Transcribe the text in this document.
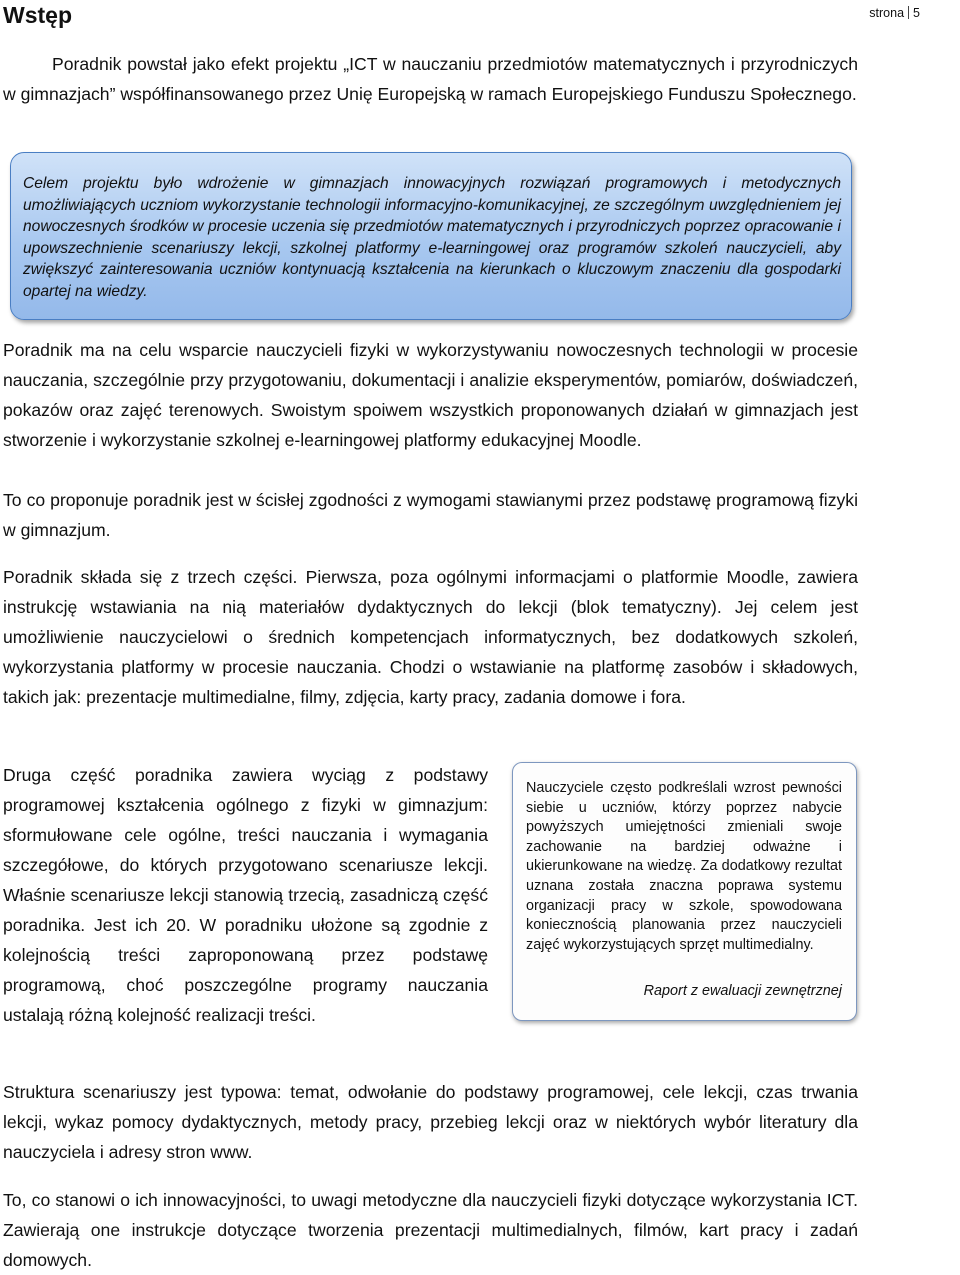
Wstęp	strona 5

Poradnik powstał jako efekt projektu „ICT w nauczaniu przedmiotów matematycznych i przyrodniczych w gimnazjach” współfinansowanego przez Unię Europejską w ramach Europejskiego Funduszu Społecznego.

Celem projektu było wdrożenie w gimnazjach innowacyjnych rozwiązań programowych i metodycznych umożliwiających uczniom wykorzystanie technologii informacyjno-komunikacyjnej, ze szczególnym uwzględnieniem jej nowoczesnych środków w procesie uczenia się przedmiotów matematycznych i przyrodniczych poprzez opracowanie i upowszechnienie scenariuszy lekcji, szkolnej platformy e-learningowej oraz programów szkoleń nauczycieli, aby zwiększyć zainteresowania uczniów kontynuacją kształcenia na kierunkach o kluczowym znaczeniu dla gospodarki opartej na wiedzy.

Poradnik ma na celu wsparcie nauczycieli fizyki w wykorzystywaniu nowoczesnych technologii w procesie nauczania, szczególnie przy przygotowaniu, dokumentacji i analizie eksperymentów, pomiarów, doświadczeń, pokazów oraz zajęć terenowych. Swoistym spoiwem wszystkich proponowanych działań w gimnazjach jest stworzenie i wykorzystanie szkolnej e-learningowej platformy edukacyjnej Moodle.

To co proponuje poradnik jest w ścisłej zgodności z wymogami stawianymi przez podstawę programową fizyki w gimnazjum.

Poradnik składa się z trzech części. Pierwsza, poza ogólnymi informacjami o platformie Moodle, zawiera instrukcję wstawiania na nią materiałów dydaktycznych do lekcji (blok tematyczny). Jej celem jest umożliwienie nauczycielowi o średnich kompetencjach informatycznych, bez dodatkowych szkoleń, wykorzystania platformy w procesie nauczania. Chodzi o wstawianie na platformę zasobów i składowych, takich jak: prezentacje multimedialne, filmy, zdjęcia, karty pracy, zadania domowe i fora.

Druga część poradnika zawiera wyciąg z podstawy programowej kształcenia ogólnego z fizyki w gimnazjum: sformułowane cele ogólne, treści nauczania i wymagania szczegółowe, do których przygotowano scenariusze lekcji. Właśnie scenariusze lekcji stanowią trzecią, zasadniczą część poradnika. Jest ich 20. W poradniku ułożone są zgodnie z kolejnością treści zaproponowaną przez podstawę programową, choć poszczególne programy nauczania ustalają różną kolejność realizacji treści.

Nauczyciele często podkreślali wzrost pewności siebie u uczniów, którzy poprzez nabycie powyższych umiejętności zmieniali swoje zachowanie na bardziej odważne i ukierunkowane na wiedzę. Za dodatkowy rezultat uznana została znaczna poprawa systemu organizacji pracy w szkole, spowodowana koniecznością planowania przez nauczycieli zajęć wykorzystujących sprzęt multimedialny.

Raport z ewaluacji zewnętrznej

Struktura scenariuszy jest typowa: temat, odwołanie do podstawy programowej, cele lekcji, czas trwania lekcji, wykaz pomocy dydaktycznych, metody pracy, przebieg lekcji oraz w niektórych wybór literatury dla nauczyciela i adresy stron www.

To, co stanowi o ich innowacyjności, to uwagi metodyczne dla nauczycieli fizyki dotyczące wykorzystania ICT. Zawierają one instrukcje dotyczące tworzenia prezentacji multimedialnych, filmów, kart pracy i zadań domowych.
